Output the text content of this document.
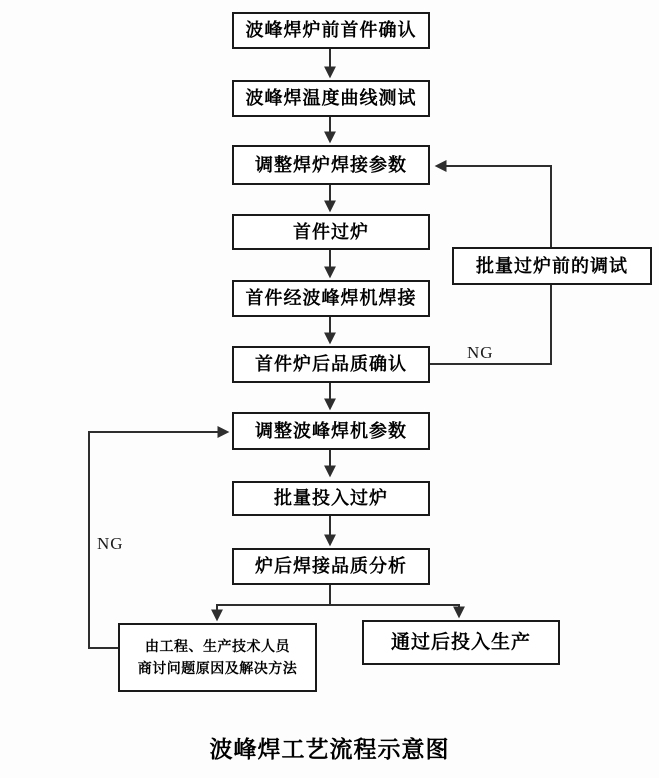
波峰焊炉前首件确认
波峰焊温度曲线测试
调整焊炉焊接参数
首件过炉
首件经波峰焊机焊接
首件炉后品质确认
调整波峰焊机参数
批量投入过炉
炉后焊接品质分析
批量过炉前的调试
由工程、生产技术人员
商讨问题原因及解决方法
通过后投入生产
NG
NG
波峰焊工艺流程示意图
